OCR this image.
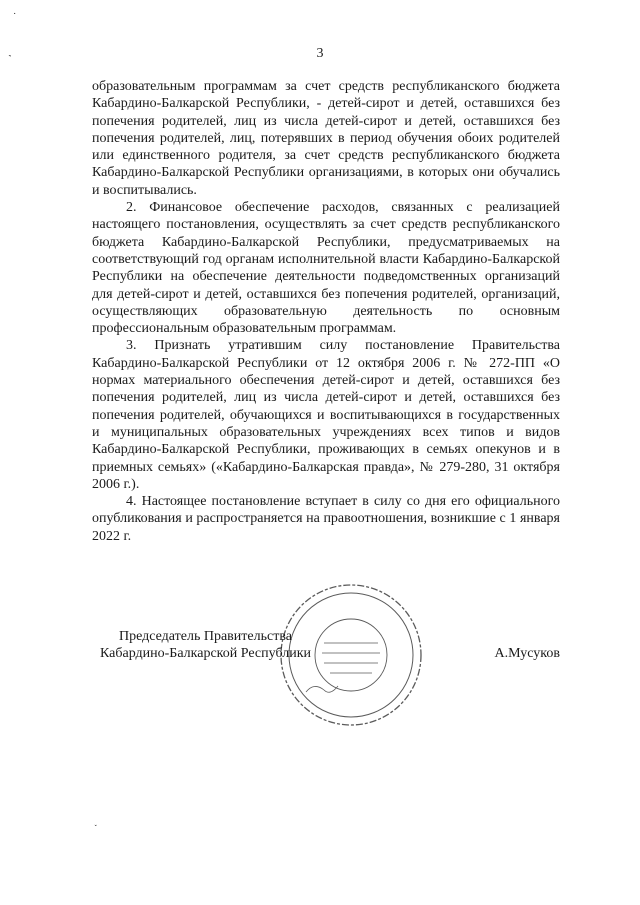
3
˙
˺
˯

образовательным программам за счет средств республиканского бюджета Кабардино-Балкарской Республики, - детей-сирот и детей, оставшихся без попечения родителей, лиц из числа детей-сирот и детей, оставшихся без попечения родителей, лиц, потерявших в период обучения обоих родителей или единственного родителя, за счет средств республиканского бюджета Кабардино-Балкарской Республики организациями, в которых они обучались и воспитывались.

2. Финансовое обеспечение расходов, связанных с реализацией настоящего постановления, осуществлять за счет средств республиканского бюджета Кабардино-Балкарской Республики, предусматриваемых на соответствующий год органам исполнительной власти Кабардино-Балкарской Республики на обеспечение деятельности подведомственных организаций для детей-сирот и детей, оставшихся без попечения родителей, организаций, осуществляющих образовательную деятельность по основным профессиональным образовательным программам.

3. Признать утратившим силу постановление Правительства Кабардино-Балкарской Республики от 12 октября 2006 г. № 272-ПП «О нормах материального обеспечения детей-сирот и детей, оставшихся без попечения родителей, лиц из числа детей-сирот и детей, оставшихся без попечения родителей, обучающихся и воспитывающихся в государственных и муниципальных образовательных учреждениях всех типов и видов Кабардино-Балкарской Республики, проживающих в семьях опекунов и в приемных семьях» («Кабардино-Балкарская правда», № 279-280, 31 октября 2006 г.).

4. Настоящее постановление вступает в силу со дня его официального опубликования и распространяется на правоотношения, возникшие с 1 января 2022 г.

Председатель Правительства
Кабардино-Балкарской Республики	А.Мусуков
